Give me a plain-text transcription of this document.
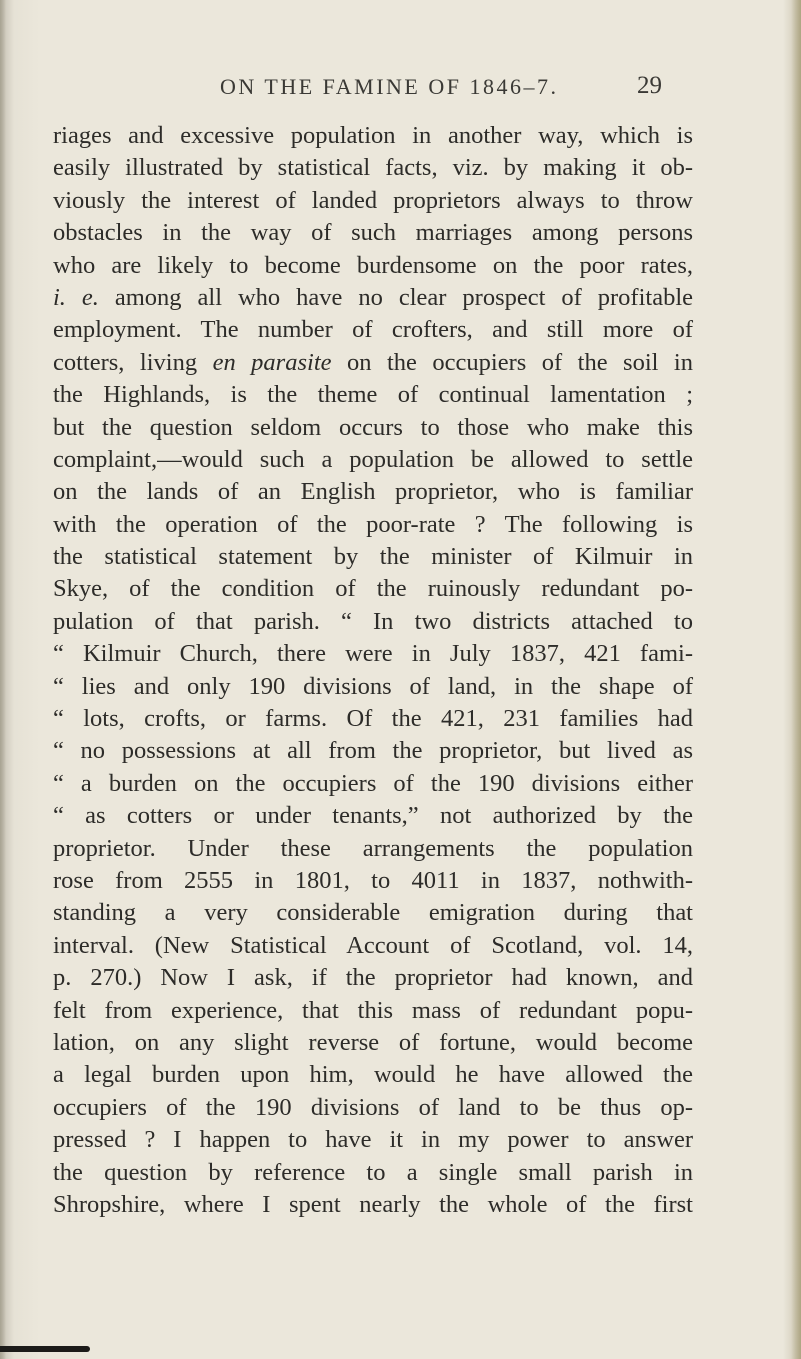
ON THE FAMINE OF 1846–7.	29
riages and excessive population in another way, which is
easily illustrated by statistical facts, viz. by making it ob-
viously the interest of landed proprietors always to throw
obstacles in the way of such marriages among persons
who are likely to become burdensome on the poor rates,
i. e. among all who have no clear prospect of profitable
employment. The number of crofters, and still more of
cotters, living en parasite on the occupiers of the soil in
the Highlands, is the theme of continual lamentation ;
but the question seldom occurs to those who make this
complaint,—would such a population be allowed to settle
on the lands of an English proprietor, who is familiar
with the operation of the poor-rate ? The following is
the statistical statement by the minister of Kilmuir in
Skye, of the condition of the ruinously redundant po-
pulation of that parish. “ In two districts attached to
“ Kilmuir Church, there were in July 1837, 421 fami-
“ lies and only 190 divisions of land, in the shape of
“ lots, crofts, or farms. Of the 421, 231 families had
“ no possessions at all from the proprietor, but lived as
“ a burden on the occupiers of the 190 divisions either
“ as cotters or under tenants,” not authorized by the
proprietor. Under these arrangements the population
rose from 2555 in 1801, to 4011 in 1837, nothwith-
standing a very considerable emigration during that
interval. (New Statistical Account of Scotland, vol. 14,
p. 270.) Now I ask, if the proprietor had known, and
felt from experience, that this mass of redundant popu-
lation, on any slight reverse of fortune, would become
a legal burden upon him, would he have allowed the
occupiers of the 190 divisions of land to be thus op-
pressed ? I happen to have it in my power to answer
the question by reference to a single small parish in
Shropshire, where I spent nearly the whole of the first
